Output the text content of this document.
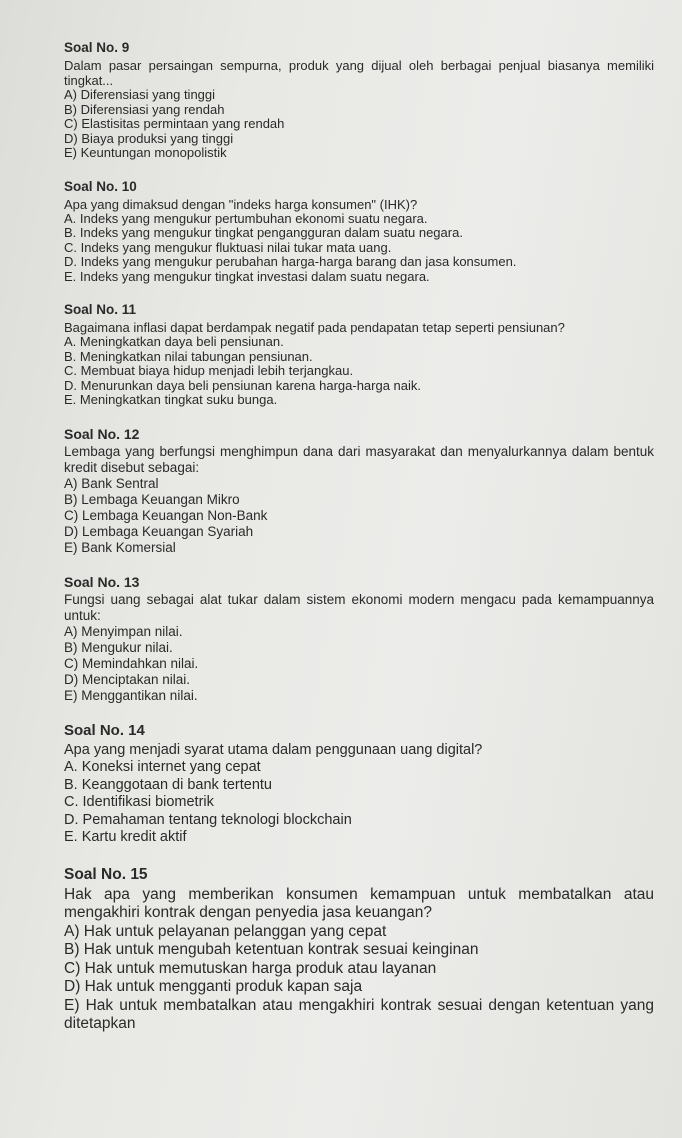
Soal No. 9
Dalam pasar persaingan sempurna, produk yang dijual oleh berbagai penjual biasanya memiliki tingkat...
A) Diferensiasi yang tinggi
B) Diferensiasi yang rendah
C) Elastisitas permintaan yang rendah
D) Biaya produksi yang tinggi
E) Keuntungan monopolistik
Soal No. 10
Apa yang dimaksud dengan "indeks harga konsumen" (IHK)?
A. Indeks yang mengukur pertumbuhan ekonomi suatu negara.
B. Indeks yang mengukur tingkat pengangguran dalam suatu negara.
C. Indeks yang mengukur fluktuasi nilai tukar mata uang.
D. Indeks yang mengukur perubahan harga-harga barang dan jasa konsumen.
E. Indeks yang mengukur tingkat investasi dalam suatu negara.
Soal No. 11
Bagaimana inflasi dapat berdampak negatif pada pendapatan tetap seperti pensiunan?
A. Meningkatkan daya beli pensiunan.
B. Meningkatkan nilai tabungan pensiunan.
C. Membuat biaya hidup menjadi lebih terjangkau.
D. Menurunkan daya beli pensiunan karena harga-harga naik.
E. Meningkatkan tingkat suku bunga.
Soal No. 12
Lembaga yang berfungsi menghimpun dana dari masyarakat dan menyalurkannya dalam bentuk kredit disebut sebagai:
A) Bank Sentral
B) Lembaga Keuangan Mikro
C) Lembaga Keuangan Non-Bank
D) Lembaga Keuangan Syariah
E) Bank Komersial
Soal No. 13
Fungsi uang sebagai alat tukar dalam sistem ekonomi modern mengacu pada kemampuannya untuk:
A) Menyimpan nilai.
B) Mengukur nilai.
C) Memindahkan nilai.
D) Menciptakan nilai.
E) Menggantikan nilai.
Soal No. 14
Apa yang menjadi syarat utama dalam penggunaan uang digital?
A. Koneksi internet yang cepat
B. Keanggotaan di bank tertentu
C. Identifikasi biometrik
D. Pemahaman tentang teknologi blockchain
E. Kartu kredit aktif
Soal No. 15
Hak apa yang memberikan konsumen kemampuan untuk membatalkan atau mengakhiri kontrak dengan penyedia jasa keuangan?
A) Hak untuk pelayanan pelanggan yang cepat
B) Hak untuk mengubah ketentuan kontrak sesuai keinginan
C) Hak untuk memutuskan harga produk atau layanan
D) Hak untuk mengganti produk kapan saja
E) Hak untuk membatalkan atau mengakhiri kontrak sesuai dengan ketentuan yang ditetapkan
